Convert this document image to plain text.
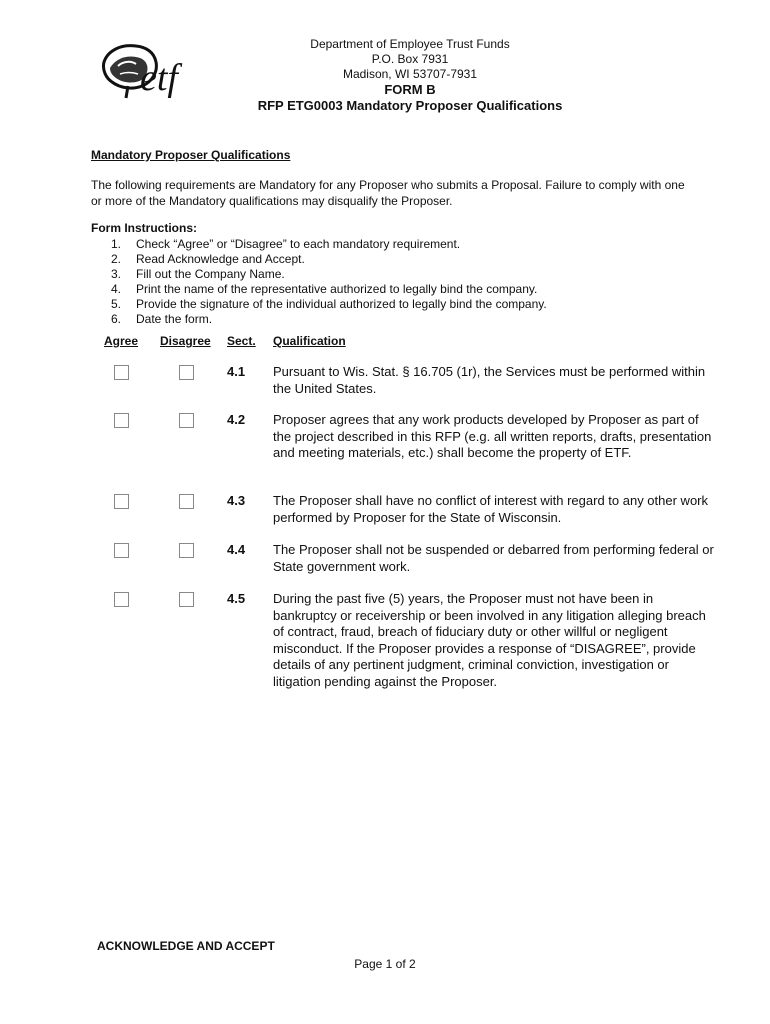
etf
Department of Employee Trust Funds
P.O. Box 7931
Madison, WI 53707-7931
FORM B
RFP ETG0003 Mandatory Proposer Qualifications
Mandatory Proposer Qualifications
The following requirements are Mandatory for any Proposer who submits a Proposal. Failure to comply with one or more of the Mandatory qualifications may disqualify the Proposer.
Form Instructions:
1. Check “Agree” or “Disagree” to each mandatory requirement.
2. Read Acknowledge and Accept.
3. Fill out the Company Name.
4. Print the name of the representative authorized to legally bind the company.
5. Provide the signature of the individual authorized to legally bind the company.
6. Date the form.
Agree Disagree Sect. Qualification
4.1 Pursuant to Wis. Stat. § 16.705 (1r), the Services must be performed within the United States.
4.2 Proposer agrees that any work products developed by Proposer as part of the project described in this RFP (e.g. all written reports, drafts, presentation and meeting materials, etc.) shall become the property of ETF.
4.3 The Proposer shall have no conflict of interest with regard to any other work performed by Proposer for the State of Wisconsin.
4.4 The Proposer shall not be suspended or debarred from performing federal or State government work.
4.5 During the past five (5) years, the Proposer must not have been in bankruptcy or receivership or been involved in any litigation alleging breach of contract, fraud, breach of fiduciary duty or other willful or negligent misconduct. If the Proposer provides a response of “DISAGREE”, provide details of any pertinent judgment, criminal conviction, investigation or litigation pending against the Proposer.
ACKNOWLEDGE AND ACCEPT
Page 1 of 2
